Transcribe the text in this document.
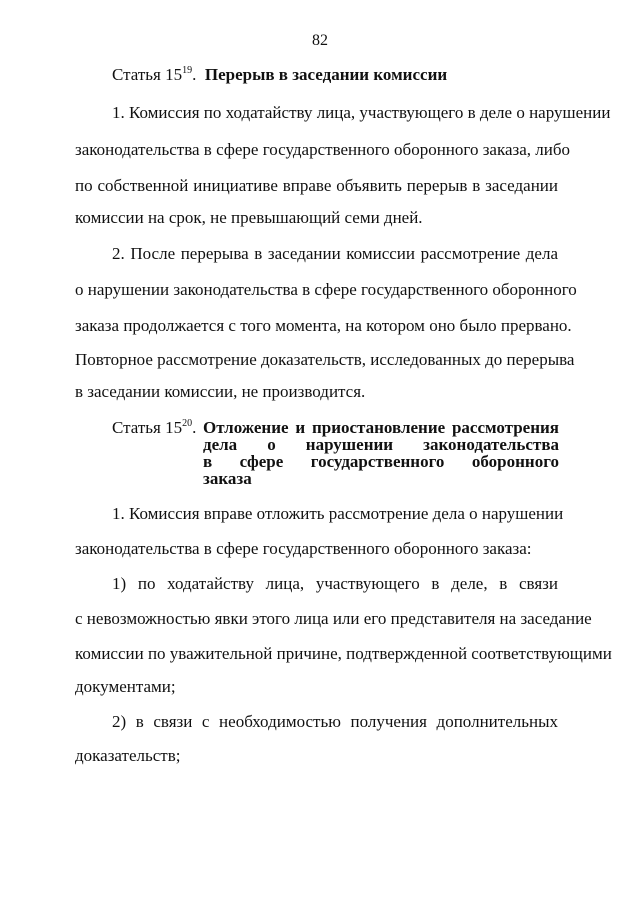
82
Статья $15^{19}$.  Перерыв в заседании комиссии
1. Комиссия по ходатайству лица, участвующего в деле о нарушении
законодательства в сфере государственного оборонного заказа, либо
по собственной инициативе вправе объявить перерыв в заседании
комиссии на срок, не превышающий семи дней.
2. После перерыва в заседании комиссии рассмотрение дела
о нарушении законодательства в сфере государственного оборонного
заказа продолжается с того момента, на котором оно было прервано.
Повторное рассмотрение доказательств, исследованных до перерыва
в заседании комиссии, не производится.
Статья $15^{20}$. Отложение и приостановление рассмотрения
дела о нарушении законодательства
в сфере государственного оборонного
заказа
1. Комиссия вправе отложить рассмотрение дела о нарушении
законодательства в сфере государственного оборонного заказа:
1) по ходатайству лица, участвующего в деле, в связи
с невозможностью явки этого лица или его представителя на заседание
комиссии по уважительной причине, подтвержденной соответствующими
документами;
2) в связи с необходимостью получения дополнительных
доказательств;
